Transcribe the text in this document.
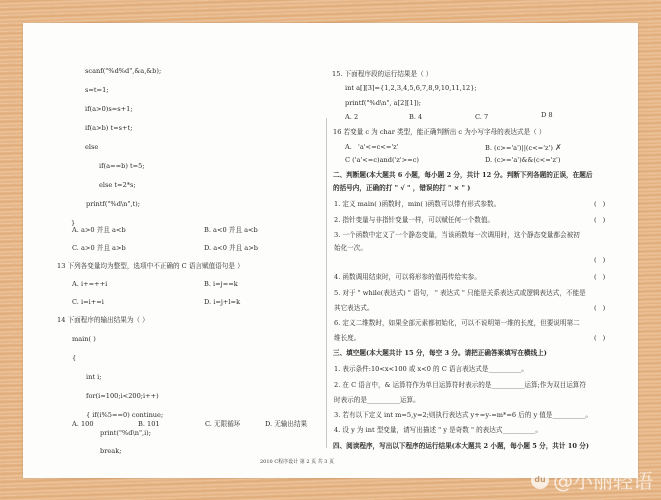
scanf("%d%d",&a,&b);
s=t=1;
if(a>0)s=s+1;
if(a>b) t=s+t;
else
if(a==b) t=5;
else t=2*s;
printf("%d\n",t);
}
A. a>0 并且 a<b	B. a<0 并且 a<b
C. a>0 并且 a>b	D. a<0 并且 a>b
13 下列各变量均为整型，选项中不正确的 C 语言赋值语句是 ）
A. i+=++i	B. i=j==k
C. i=i+=i	D. i=j+l=k
14 下面程序的输出结果为（ ）
main( )
{
int i;
for(i=100;i<200;i++)
{ if(i%5==0) continue;
print("%d\n",i);
break;
15. 下面程序段的运行结果是（ ）
int a[][3]={1,2,3,4,5,6,7,8,9,10,11,12};
printf("%d\n", a[2][1]);
A. 2	B. 4	C. 7	D 8
16 若变量 c 为 char 类型，能正确判断出 c 为小写字母的表达式是（ ）
A. 'a'<=c<='z'	B. (c>='a')||(c<='z') ✗
C ('a'<=c)and('z'>=c)	D. (c>='a')&&(c<='z')
二、判断题(本大题共 6 小题，每小题 2 分，共计 12 分。判断下列各题的正误，在题后
的括号内，正确的打 " √ " ，错误的打 " × " )
1. 定义 main( )函数时，min( )函数可以带有形式参数。	( )
2. 指针变量与非指针变量一样，可以赋任何一个数值。	( )
3. 一个函数中定义了一个静态变量，当该函数每一次调用时，这个静态变量都会被初
始化一次。
( )
4. 函数调用结束时，可以将形参的值再传给实参。	( )
5. 对于 " while(表达式) " 语句， " 表达式 " 只能是关系表达式或逻辑表达式，不能是
其它表达式。	( )
6. 定义二维数时，如果全部元素都初始化，可以不说明第一维的长度，但要说明第二
维长度。	( )
三、填空题(本大题共计 15 分，每空 3 分。请把正确答案填写在横线上)
1. 表示条件:10<x<100 或 x<0 的 C 语言表达式是__________。
2. 在 C 语言中，& 运算符作为单目运算符时表示的是__________运算;作为双目运算符
时表示的是__________运算。
3. 若有以下定义 int m=5,y=2;则执行表达式 y+=y-=m*=6 后的 y 值是__________。
4. 设 y 为 int 型变量，请写出描述 " y 是奇数 " 的表达式__________。
四、阅读程序，写出以下程序的运行结果(本大题共 2 小题，每小题 5 分，共计 10 分)
2010 C程序设计 第 2 页 共 3 页
A. 100	B. 101	C. 无限循环	D. 无输出结果
du @小丽轻语
